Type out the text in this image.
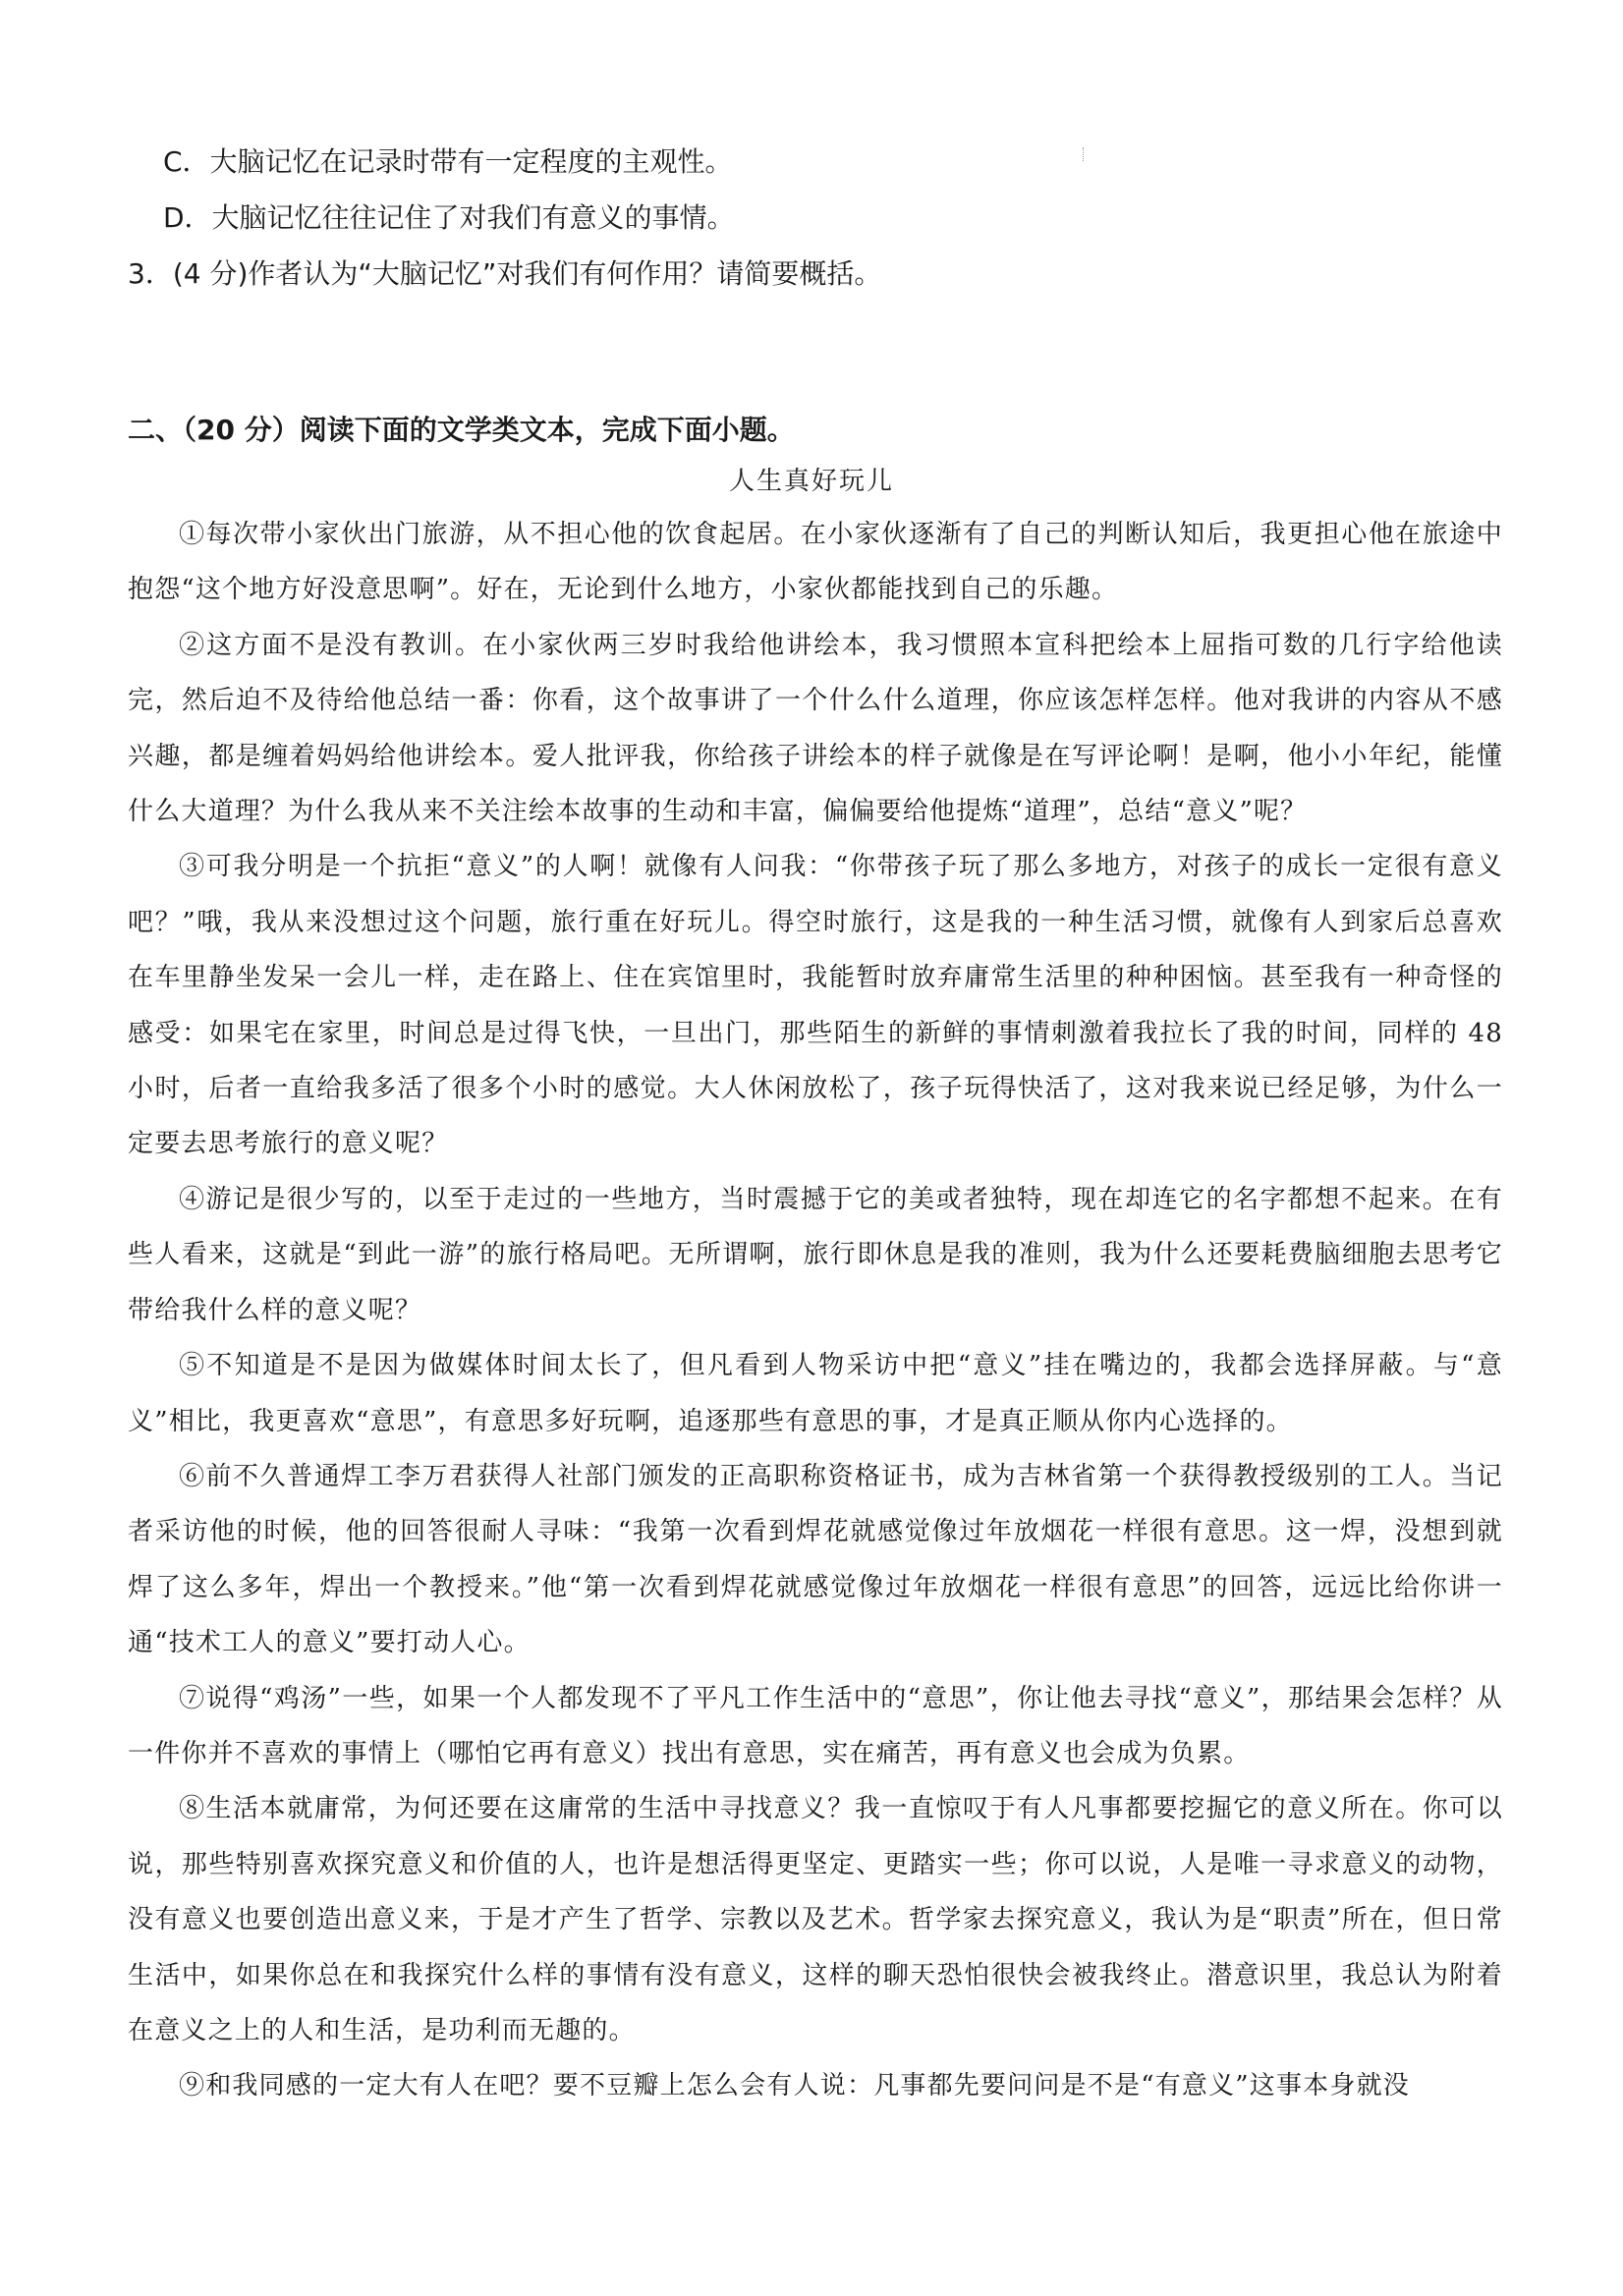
C．大脑记忆在记录时带有一定程度的主观性。
D．大脑记忆往往记住了对我们有意义的事情。
3．(4 分)作者认为“大脑记忆”对我们有何作用？请简要概括。
二、（20 分）阅读下面的文学类文本，完成下面小题。
人生真好玩儿

①每次带小家伙出门旅游，从不担心他的饮食起居。在小家伙逐渐有了自己的判断认知后，我更担心他在旅途中抱怨“这个地方好没意思啊”。好在，无论到什么地方，小家伙都能找到自己的乐趣。

②这方面不是没有教训。在小家伙两三岁时我给他讲绘本，我习惯照本宣科把绘本上屈指可数的几行字给他读完，然后迫不及待给他总结一番：你看，这个故事讲了一个什么什么道理，你应该怎样怎样。他对我讲的内容从不感兴趣，都是缠着妈妈给他讲绘本。爱人批评我，你给孩子讲绘本的样子就像是在写评论啊！是啊，他小小年纪，能懂什么大道理？为什么我从来不关注绘本故事的生动和丰富，偏偏要给他提炼“道理”，总结“意义”呢？

③可我分明是一个抗拒“意义”的人啊！就像有人问我：“你带孩子玩了那么多地方，对孩子的成长一定很有意义吧？”哦，我从来没想过这个问题，旅行重在好玩儿。得空时旅行，这是我的一种生活习惯，就像有人到家后总喜欢在车里静坐发呆一会儿一样，走在路上、住在宾馆里时，我能暂时放弃庸常生活里的种种困恼。甚至我有一种奇怪的感受：如果宅在家里，时间总是过得飞快，一旦出门，那些陌生的新鲜的事情刺激着我拉长了我的时间，同样的 48 小时，后者一直给我多活了很多个小时的感觉。大人休闲放松了，孩子玩得快活了，这对我来说已经足够，为什么一定要去思考旅行的意义呢？

④游记是很少写的，以至于走过的一些地方，当时震撼于它的美或者独特，现在却连它的名字都想不起来。在有些人看来，这就是“到此一游”的旅行格局吧。无所谓啊，旅行即休息是我的准则，我为什么还要耗费脑细胞去思考它带给我什么样的意义呢？

⑤不知道是不是因为做媒体时间太长了，但凡看到人物采访中把“意义”挂在嘴边的，我都会选择屏蔽。与“意义”相比，我更喜欢“意思”，有意思多好玩啊，追逐那些有意思的事，才是真正顺从你内心选择的。

⑥前不久普通焊工李万君获得人社部门颁发的正高职称资格证书，成为吉林省第一个获得教授级别的工人。当记者采访他的时候，他的回答很耐人寻味：“我第一次看到焊花就感觉像过年放烟花一样很有意思。这一焊，没想到就焊了这么多年，焊出一个教授来。”他“第一次看到焊花就感觉像过年放烟花一样很有意思”的回答，远远比给你讲一通“技术工人的意义”要打动人心。

⑦说得“鸡汤”一些，如果一个人都发现不了平凡工作生活中的“意思”，你让他去寻找“意义”，那结果会怎样？从一件你并不喜欢的事情上（哪怕它再有意义）找出有意思，实在痛苦，再有意义也会成为负累。

⑧生活本就庸常，为何还要在这庸常的生活中寻找意义？我一直惊叹于有人凡事都要挖掘它的意义所在。你可以说，那些特别喜欢探究意义和价值的人，也许是想活得更坚定、更踏实一些；你可以说，人是唯一寻求意义的动物，没有意义也要创造出意义来，于是才产生了哲学、宗教以及艺术。哲学家去探究意义，我认为是“职责”所在，但日常生活中，如果你总在和我探究什么样的事情有没有意义，这样的聊天恐怕很快会被我终止。潜意识里，我总认为附着在意义之上的人和生活，是功利而无趣的。

⑨和我同感的一定大有人在吧？要不豆瓣上怎么会有人说：凡事都先要问问是不是“有意义”这事本身就没
